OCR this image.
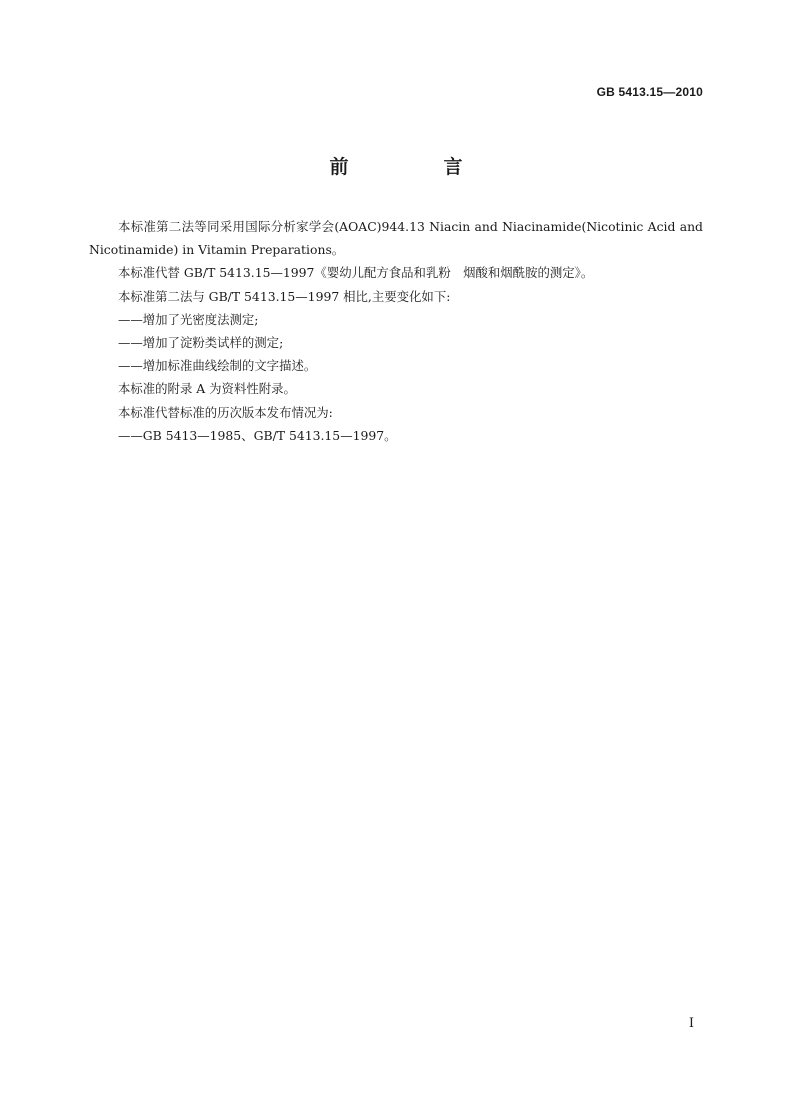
GB 5413.15—2010
前　言

本标准第二法等同采用国际分析家学会(AOAC)944.13 Niacin and Niacinamide(Nicotinic Acid and Nicotinamide) in Vitamin Preparations。

本标准代替 GB/T 5413.15—1997《婴幼儿配方食品和乳粉　烟酸和烟酰胺的测定》。

本标准第二法与 GB/T 5413.15—1997 相比,主要变化如下:

——增加了光密度法测定;

——增加了淀粉类试样的测定;

——增加标准曲线绘制的文字描述。

本标准的附录 A 为资料性附录。

本标准代替标准的历次版本发布情况为:

——GB 5413—1985、GB/T 5413.15—1997。

I
